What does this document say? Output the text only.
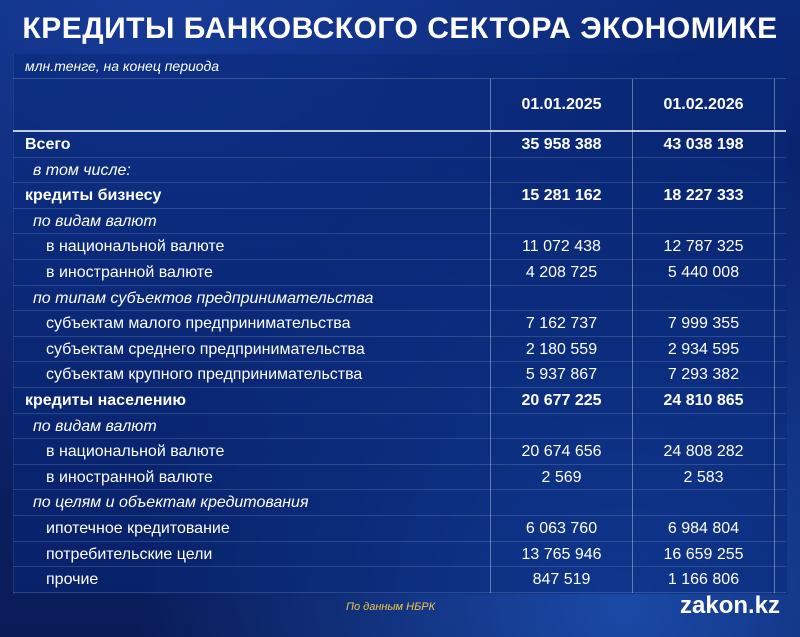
КРЕДИТЫ БАНКОВСКОГО СЕКТОРА ЭКОНОМИКЕ
млн.тенге, на конец периода
01.01.2025	01.02.2026
Всего	35 958 388	43 038 198
в том числе:
кредиты бизнесу	15 281 162	18 227 333
по видам валют
в национальной валюте	11 072 438	12 787 325
в иностранной валюте	4 208 725	5 440 008
по типам субъектов предпринимательства
субъектам малого предпринимательства	7 162 737	7 999 355
субъектам среднего предпринимательства	2 180 559	2 934 595
субъектам крупного предпринимательства	5 937 867	7 293 382
кредиты населению	20 677 225	24 810 865
по видам валют
в национальной валюте	20 674 656	24 808 282
в иностранной валюте	2 569	2 583
по целям и объектам кредитования
ипотечное кредитование	6 063 760	6 984 804
потребительские цели	13 765 946	16 659 255
прочие	847 519	1 166 806
По данным НБРК	zakon.kz
